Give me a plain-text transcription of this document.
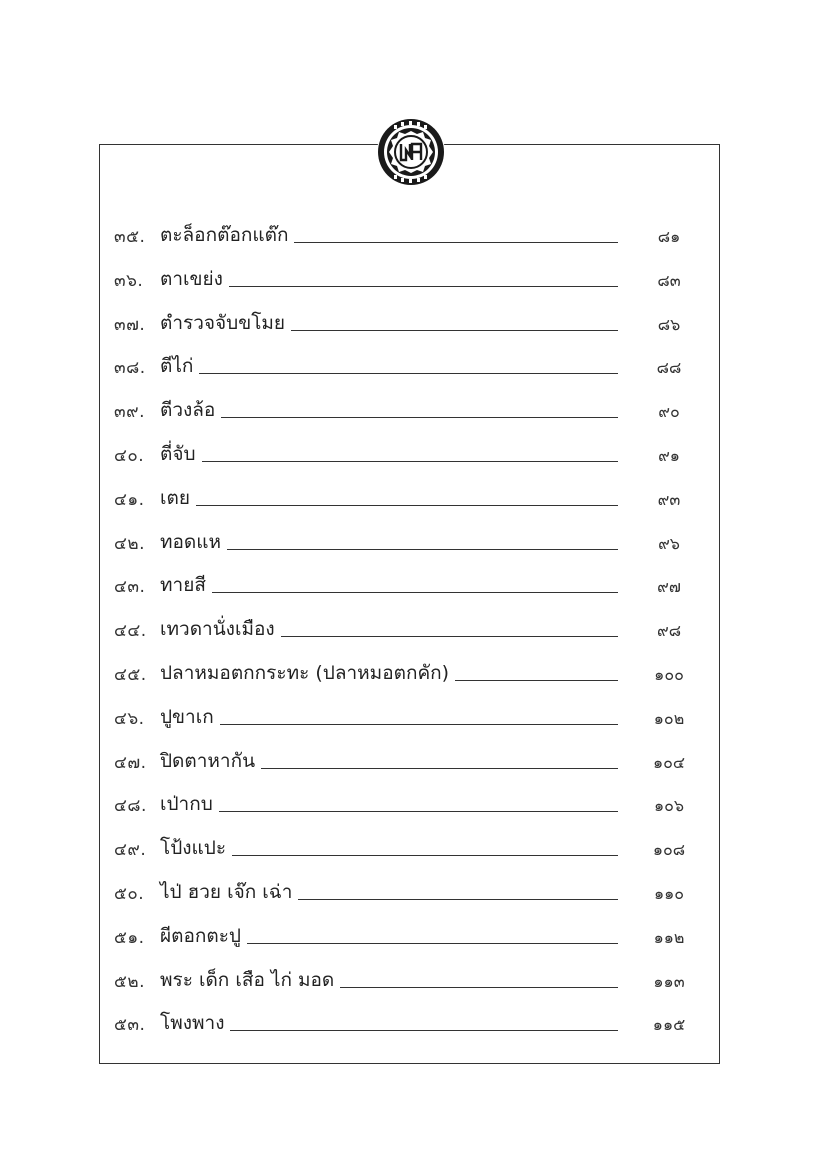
๓๕. ตะล็อกต๊อกแต๊ก	๘๑
๓๖. ตาเขย่ง	๘๓
๓๗. ตำรวจจับขโมย	๘๖
๓๘. ตีไก่	๘๘
๓๙. ตีวงล้อ	๙๐
๔๐. ตี่จับ	๙๑
๔๑. เตย	๙๓
๔๒. ทอดแห	๙๖
๔๓. ทายสี	๙๗
๔๔. เทวดานั่งเมือง	๙๘
๔๕. ปลาหมอตกกระทะ (ปลาหมอตกคัก)	๑๐๐
๔๖. ปูขาเก	๑๐๒
๔๗. ปิดตาหากัน	๑๐๔
๔๘. เป่ากบ	๑๐๖
๔๙. โป้งแปะ	๑๐๘
๕๐. ไป่ ฮวย เจ๊ก เฉ่า	๑๑๐
๕๑. ผีตอกตะปู	๑๑๒
๕๒. พระ เด็ก เสือ ไก่ มอด	๑๑๓
๕๓. โพงพาง	๑๑๕
